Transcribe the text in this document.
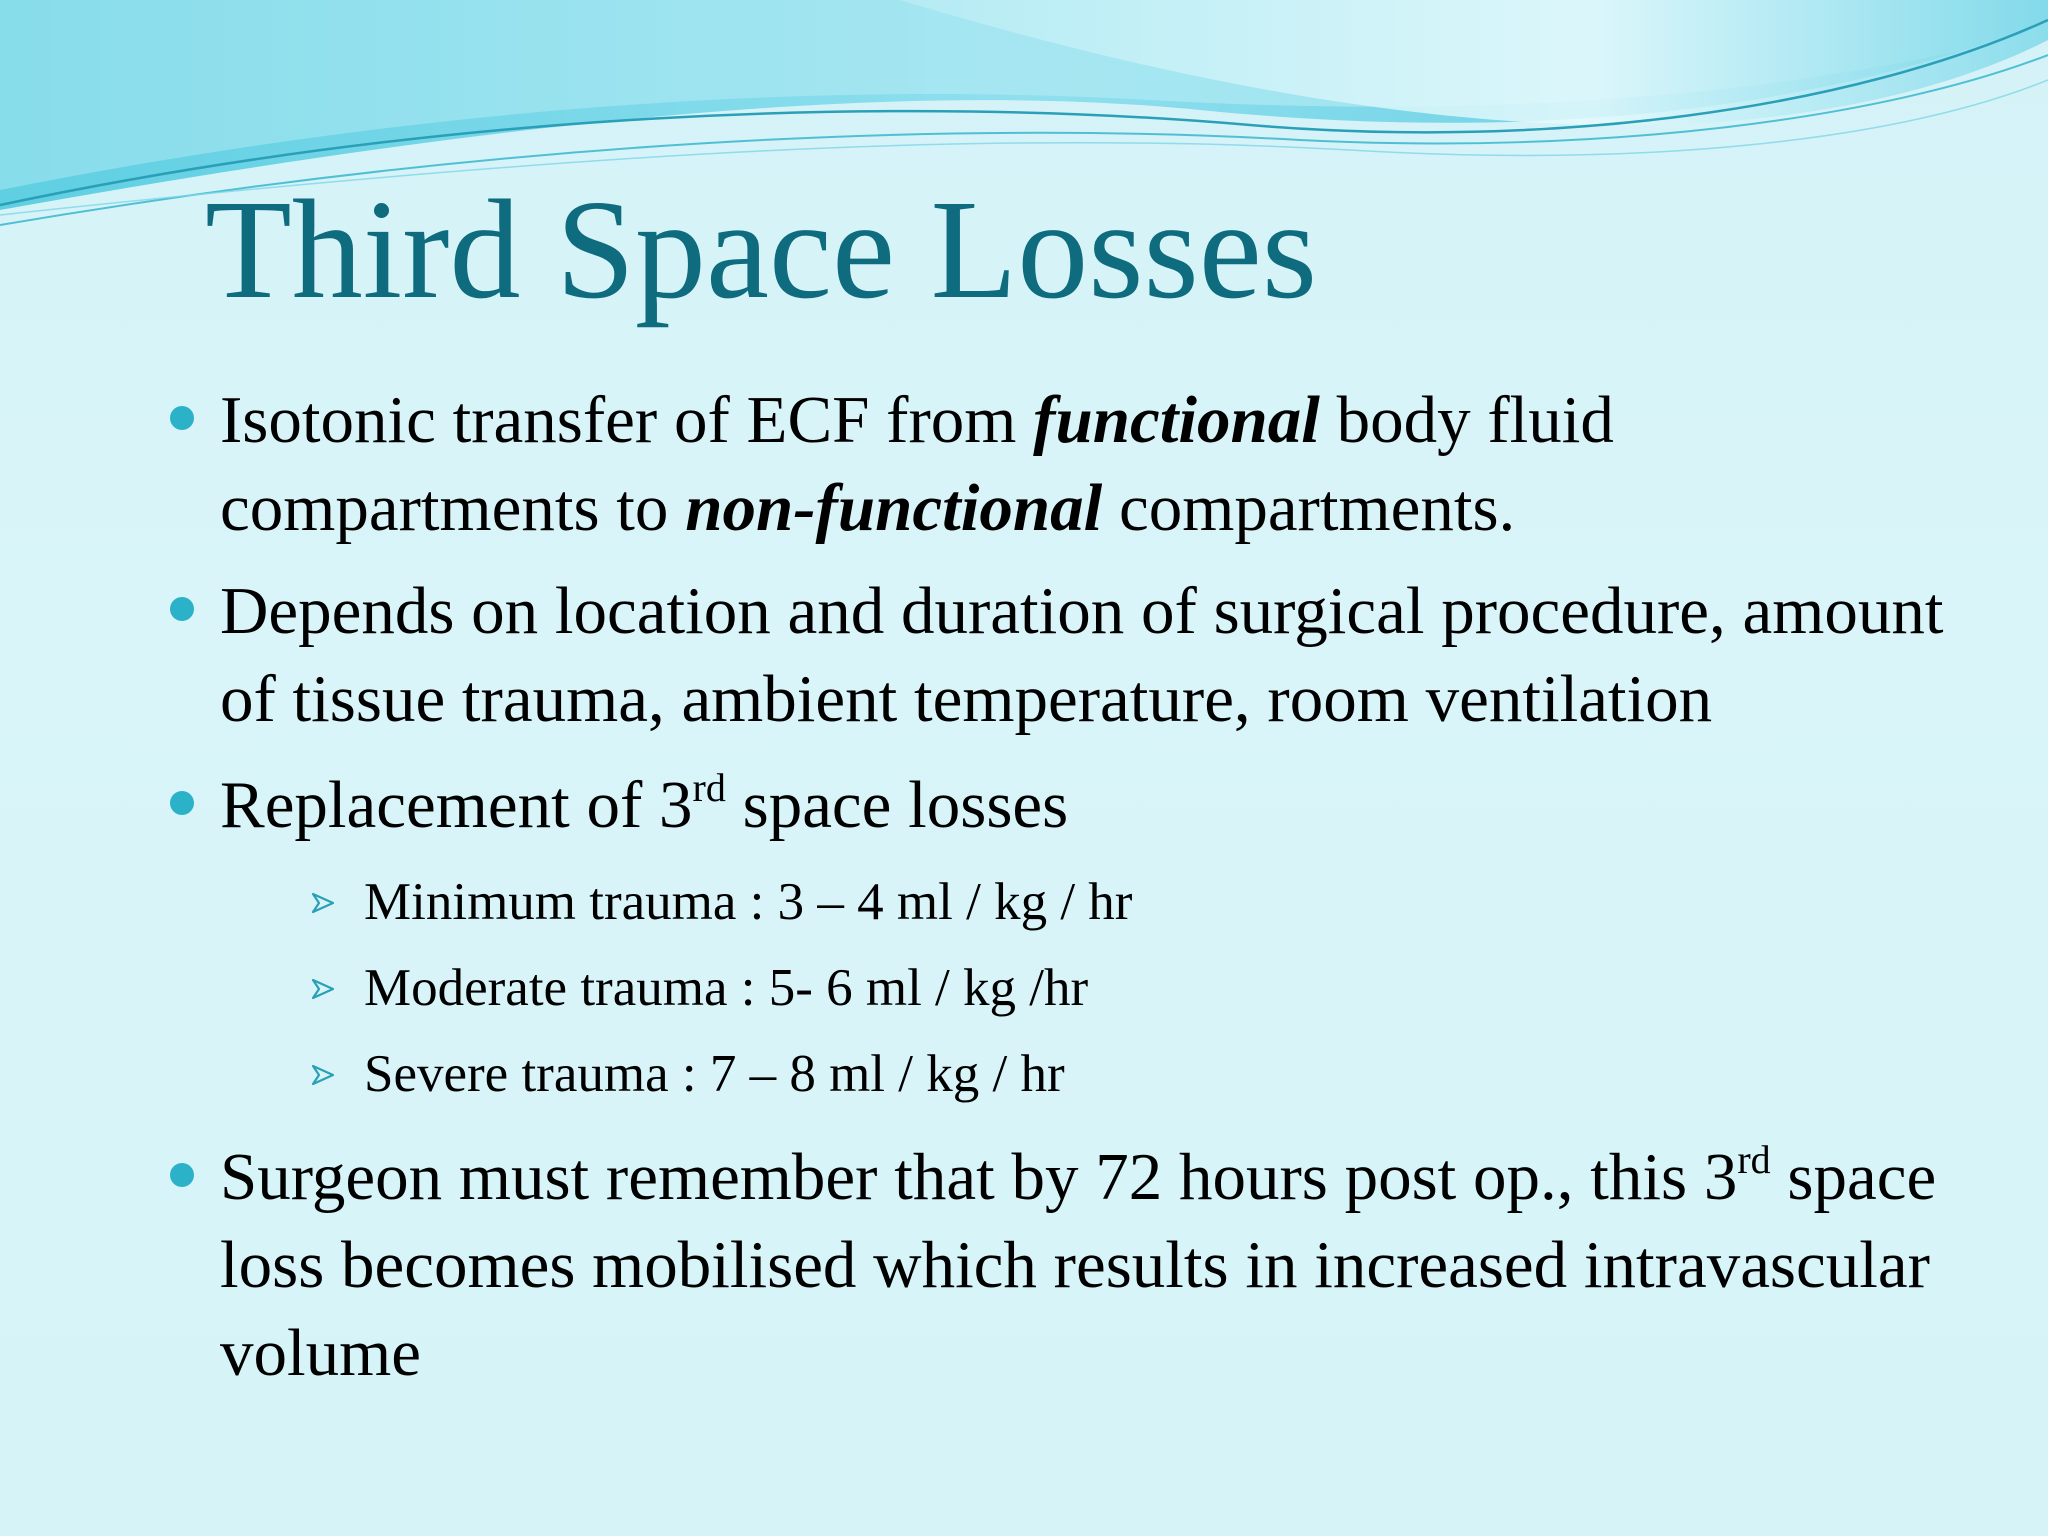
Third Space Losses
Isotonic transfer of ECF from functional body fluid compartments to non-functional compartments.
Depends on location and duration of surgical procedure, amount of tissue trauma, ambient temperature, room ventilation
Replacement of 3rd space losses
Minimum trauma : 3 – 4 ml / kg / hr
Moderate trauma : 5- 6 ml / kg /hr
Severe trauma : 7 – 8 ml / kg / hr
Surgeon must remember that by 72 hours post op., this 3rd space loss becomes mobilised which results in increased intravascular volume
